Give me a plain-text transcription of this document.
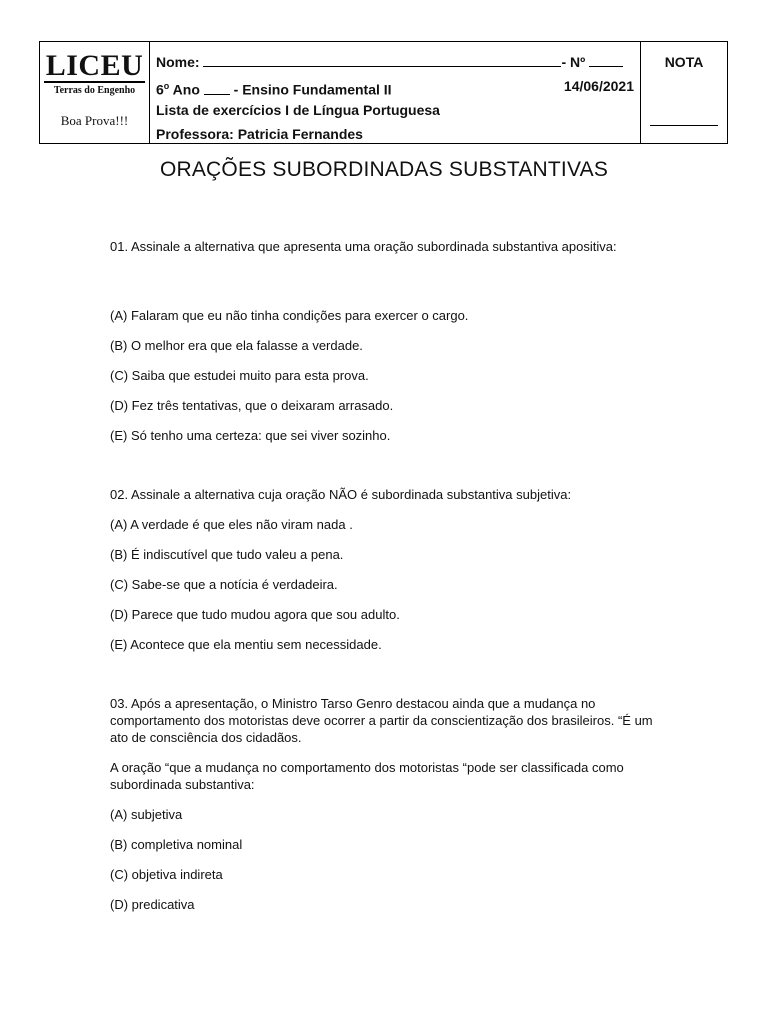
LICEU
Terras do Engenho
Boa Prova!!!
Nome:	- Nº
6$^o$ Ano - Ensino Fundamental II	14/06/2021
Lista de exercícios I de Língua Portuguesa
Professora: Patricia Fernandes
NOTA
ORAÇÕES SUBORDINADAS SUBSTANTIVAS

01. Assinale a alternativa que apresenta uma oração subordinada substantiva apositiva:

(A) Falaram que eu não tinha condições para exercer o cargo.

(B) O melhor era que ela falasse a verdade.

(C) Saiba que estudei muito para esta prova.

(D) Fez três tentativas, que o deixaram arrasado.

(E) Só tenho uma certeza: que sei viver sozinho.

02. Assinale a alternativa cuja oração NÃO é subordinada substantiva subjetiva:

(A) A verdade é que eles não viram nada .

(B) É indiscutível que tudo valeu a pena.

(C) Sabe-se que a notícia é verdadeira.

(D) Parece que tudo mudou agora que sou adulto.

(E) Acontece que ela mentiu sem necessidade.

03. Após a apresentação, o Ministro Tarso Genro destacou ainda que a mudança no comportamento dos motoristas deve ocorrer a partir da conscientização dos brasileiros. “É um ato de consciência dos cidadãos.

A oração “que a mudança no comportamento dos motoristas “pode ser classificada como subordinada substantiva:

(A) subjetiva

(B) completiva nominal

(C) objetiva indireta

(D) predicativa
